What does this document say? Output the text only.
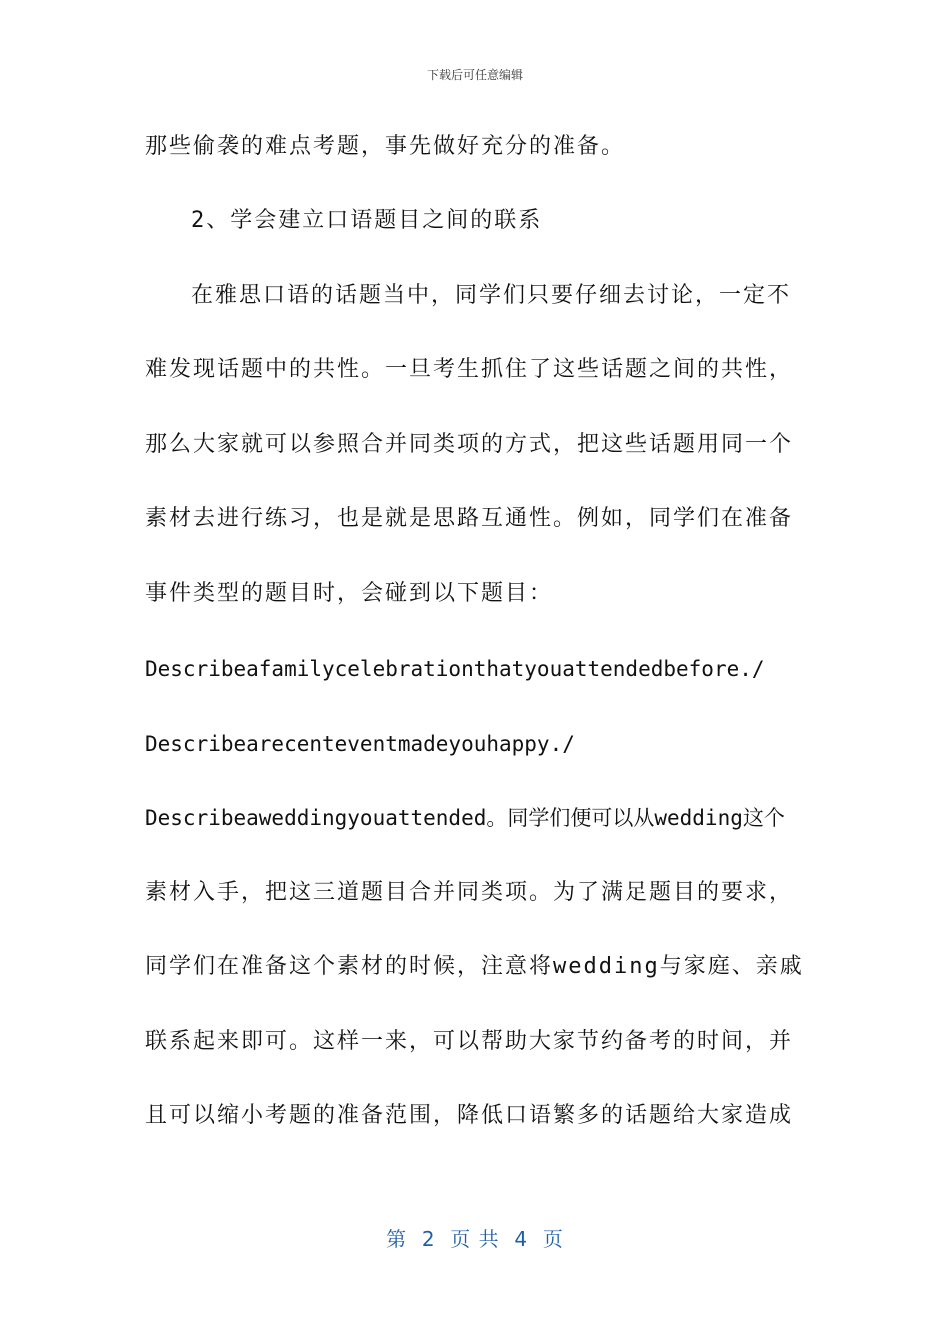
下载后可任意编辑
那些偷袭的难点考题，事先做好充分的准备。
2、学会建立口语题目之间的联系
在雅思口语的话题当中，同学们只要仔细去讨论，一定不
难发现话题中的共性。一旦考生抓住了这些话题之间的共性，
那么大家就可以参照合并同类项的方式，把这些话题用同一个
素材去进行练习，也是就是思路互通性。例如，同学们在准备
事件类型的题目时，会碰到以下题目：
Describeafamilycelebrationthatyouattendedbefore./
Describearecenteventmadeyouhappy./
Describeaweddingyouattended。同学们便可以从wedding这个
素材入手，把这三道题目合并同类项。为了满足题目的要求，
同学们在准备这个素材的时候，注意将wedding与家庭、亲戚
联系起来即可。这样一来，可以帮助大家节约备考的时间，并
且可以缩小考题的准备范围，降低口语繁多的话题给大家造成
第  2  页 共  4  页
